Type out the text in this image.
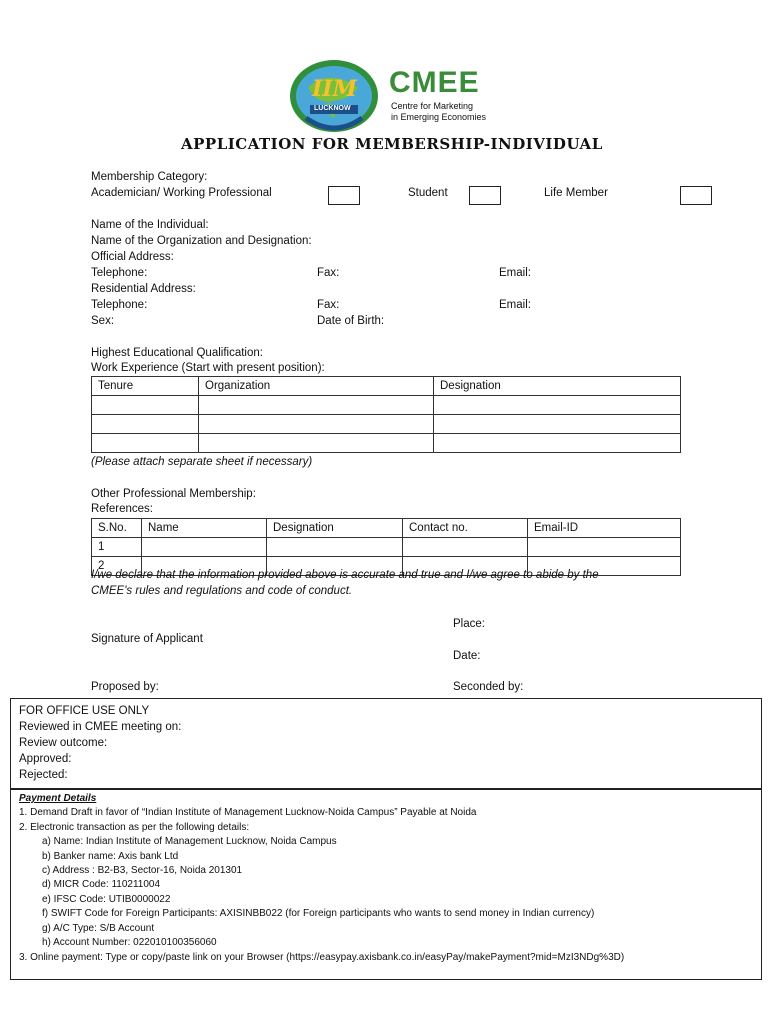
IIM
LUCKNOW
CMEE
Centre for Marketing
in Emerging Economies
APPLICATION FOR MEMBERSHIP-INDIVIDUAL
Membership Category:
Academician/ Working Professional	Student	Life Member
Name of the Individual:
Name of the Organization and Designation:
Official Address:
Telephone:	Fax:	Email:
Residential Address:
Telephone:	Fax:	Email:
Sex:	Date of Birth:
Highest Educational Qualification:
Work Experience (Start with present position):
Tenure	Organization	Designation

(Please attach separate sheet if necessary)
Other Professional Membership:
References:
S.No.	Name	Designation	Contact no.	Email-ID
1				
2				
I/we declare that the information provided above is accurate and true and I/we agree to abide by the
CMEE's rules and regulations and code of conduct.
Place:
Signature of Applicant
Date:
Proposed by:	Seconded by:
FOR OFFICE USE ONLY
Reviewed in CMEE meeting on:
Review outcome:
Approved:
Rejected:
Payment Details
1. Demand Draft in favor of “Indian Institute of Management Lucknow-Noida Campus” Payable at Noida
2. Electronic transaction as per the following details:
a) Name: Indian Institute of Management Lucknow, Noida Campus
b) Banker name: Axis bank Ltd
c) Address : B2-B3, Sector-16, Noida 201301
d) MICR Code: 110211004
e) IFSC Code: UTIB0000022
f) SWIFT Code for Foreign Participants: AXISINBB022 (for Foreign participants who wants to send money in Indian currency)
g) A/C Type: S/B Account
h) Account Number: 022010100356060
3. Online payment: Type or copy/paste link on your Browser (https://easypay.axisbank.co.in/easyPay/makePayment?mid=MzI3NDg%3D)
